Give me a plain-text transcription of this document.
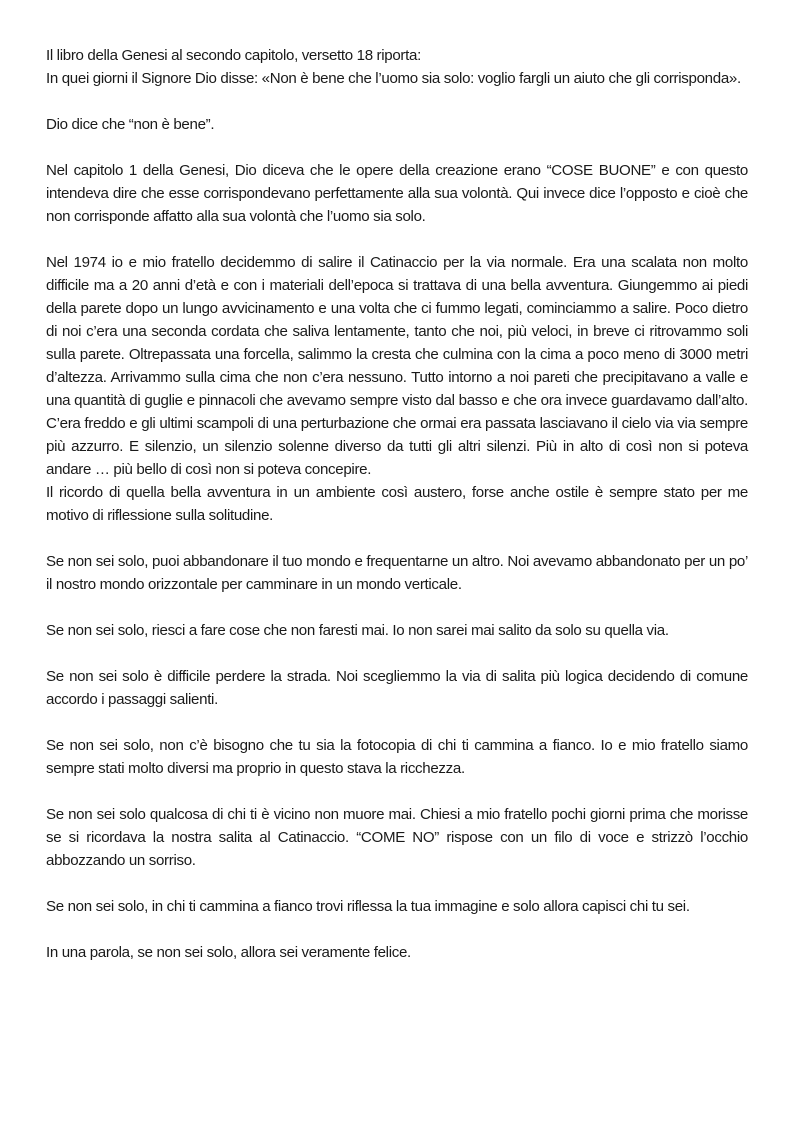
Il libro della Genesi al secondo capitolo, versetto 18 riporta:
In quei giorni il Signore Dio disse: «Non è bene che l’uomo sia solo: voglio fargli un aiuto che gli corrisponda».

Dio dice che “non è bene”.

Nel capitolo 1 della Genesi, Dio diceva che le opere della creazione erano “COSE BUONE” e con questo intendeva dire che esse corrispondevano perfettamente alla sua volontà. Qui invece dice l’opposto e cioè che non corrisponde affatto alla sua volontà che l’uomo sia solo.

Nel 1974 io e mio fratello decidemmo di salire il Catinaccio per la via normale. Era una scalata non molto difficile ma a 20 anni d’età e con i materiali dell’epoca si trattava di una bella avventura. Giungemmo ai piedi della parete dopo un lungo avvicinamento e una volta che ci fummo legati, cominciammo a salire. Poco dietro di noi c’era una seconda cordata che saliva lentamente, tanto che noi, più veloci, in breve ci ritrovammo soli sulla parete. Oltrepassata una forcella, salimmo la cresta che culmina con la cima a poco meno di 3000 metri d’altezza. Arrivammo sulla cima che non c’era nessuno. Tutto intorno a noi pareti che precipitavano a valle e una quantità di guglie e pinnacoli che avevamo sempre visto dal basso e che ora invece guardavamo dall’alto. C’era freddo e gli ultimi scampoli di una perturbazione che ormai era passata lasciavano il cielo via via sempre più azzurro. E silenzio, un silenzio solenne diverso da tutti gli altri silenzi. Più in alto di così non si poteva andare … più bello di così non si poteva concepire.
Il ricordo di quella bella avventura in un ambiente così austero, forse anche ostile è sempre stato per me motivo di riflessione sulla solitudine.

Se non sei solo, puoi abbandonare il tuo mondo e frequentarne un altro. Noi avevamo abbandonato per un po’ il nostro mondo orizzontale per camminare in un mondo verticale.

Se non sei solo, riesci a fare cose che non faresti mai. Io non sarei mai salito da solo su quella via.

Se non sei solo è difficile perdere la strada. Noi scegliemmo la via di salita più logica decidendo di comune accordo i passaggi salienti.

Se non sei solo, non c’è bisogno che tu sia la fotocopia di chi ti cammina a fianco. Io e mio fratello siamo sempre stati molto diversi ma proprio in questo stava la ricchezza.

Se non sei solo qualcosa di chi ti è vicino non muore mai. Chiesi a mio fratello pochi giorni prima che morisse se si ricordava la nostra salita al Catinaccio. “COME NO” rispose con un filo di voce e strizzò l’occhio abbozzando un sorriso.

Se non sei solo, in chi ti cammina a fianco trovi riflessa la tua immagine e solo allora capisci chi tu sei.

In una parola, se non sei solo, allora sei veramente felice.
